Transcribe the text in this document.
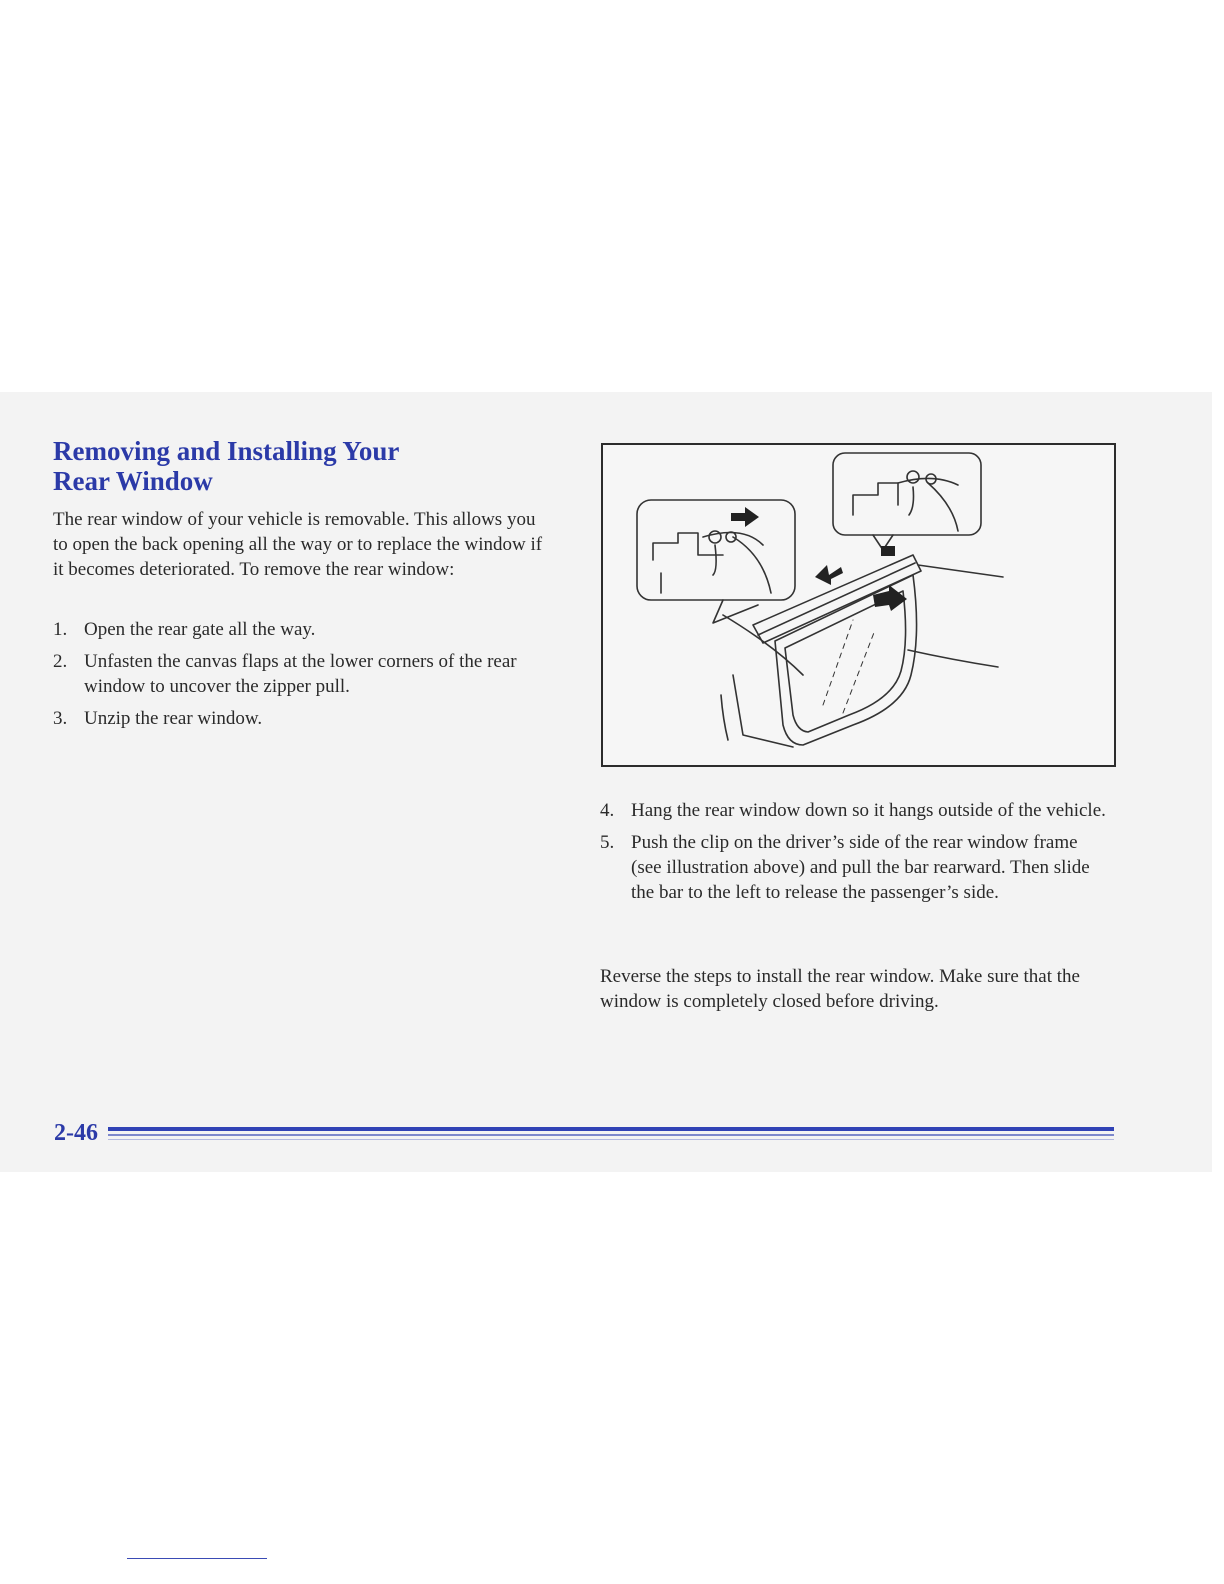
Removing and Installing Your
Rear Window

The rear window of your vehicle is removable. This allows you to open the back opening all the way or to replace the window if it becomes deteriorated. To remove the rear window:

1. Open the rear gate all the way.
2. Unfasten the canvas flaps at the lower corners of the rear window to uncover the zipper pull.
3. Unzip the rear window.
4. Hang the rear window down so it hangs outside of the vehicle.
5. Push the clip on the driver’s side of the rear window frame (see illustration above) and pull the bar rearward. Then slide the bar to the left to release the passenger’s side.

Reverse the steps to install the rear window. Make sure that the window is completely closed before driving.

2-46
